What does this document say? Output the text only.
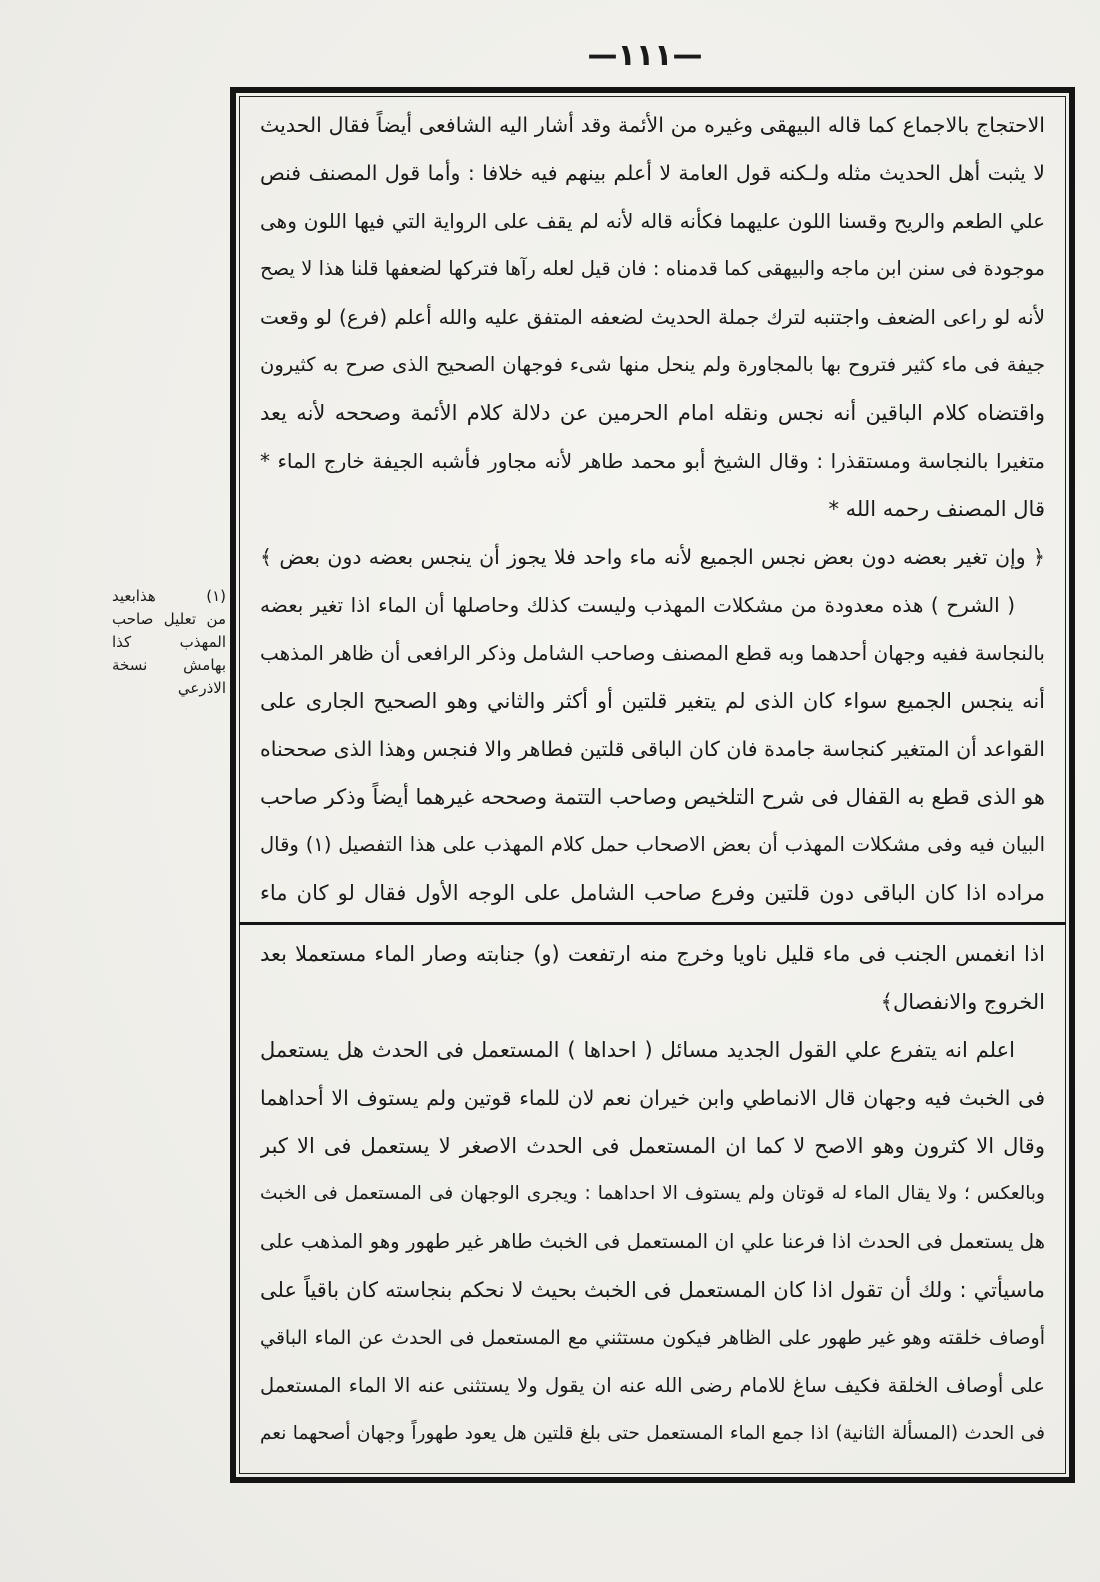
—١١١—
الاحتجاج بالاجماع كما قاله البيهقى وغيره من الأئمة وقد أشار اليه الشافعى أيضاً فقال الحديث
لا يثبت أهل الحديث مثله ولـكنه قول العامة لا أعلم بينهم فيه خلافا : وأما قول المصنف فنص
علي الطعم والريح وقسنا اللون عليهما فكأنه قاله لأنه لم يقف على الرواية التي فيها اللون وهى
موجودة فى سنن ابن ماجه والبيهقى كما قدمناه : فان قيل لعله رآها فتركها لضعفها قلنا هذا لا يصح
لأنه لو راعى الضعف واجتنبه لترك جملة الحديث لضعفه المتفق عليه والله أعلم (فرع) لو وقعت
جيفة فى ماء كثير فتروح بها بالمجاورة ولم ينحل منها شىء فوجهان الصحيح الذى صرح به كثيرون
واقتضاه كلام الباقين أنه نجس ونقله امام الحرمين عن دلالة كلام الأئمة وصححه لأنه يعد
متغيرا بالنجاسة ومستقذرا : وقال الشيخ أبو محمد طاهر لأنه مجاور فأشبه الجيفة خارج الماء *
قال المصنف رحمه الله *
﴿ وإن تغير بعضه دون بعض نجس الجميع لأنه ماء واحد فلا يجوز أن ينجس بعضه دون بعض ﴾
( الشرح ) هذه معدودة من مشكلات المهذب وليست كذلك وحاصلها أن الماء اذا تغير بعضه
بالنجاسة ففيه وجهان أحدهما وبه قطع المصنف وصاحب الشامل وذكر الرافعى أن ظاهر المذهب
أنه ينجس الجميع سواء كان الذى لم يتغير قلتين أو أكثر والثاني وهو الصحيح الجارى على
القواعد أن المتغير كنجاسة جامدة فان كان الباقى قلتين فطاهر والا فنجس وهذا الذى صححناه
هو الذى قطع به القفال فى شرح التلخيص وصاحب التتمة وصححه غيرهما أيضاً وذكر صاحب
البيان فيه وفى مشكلات المهذب أن بعض الاصحاب حمل كلام المهذب على هذا التفصيل (١) وقال
مراده اذا كان الباقى دون قلتين وفرع صاحب الشامل على الوجه الأول فقال لو كان ماء
اذا انغمس الجنب فى ماء قليل ناويا وخرج منه ارتفعت (و) جنابته وصار الماء مستعملا بعد
الخروج والانفصال﴾
اعلم انه يتفرع علي القول الجديد مسائل ( احداها ) المستعمل فى الحدث هل يستعمل
فى الخبث فيه وجهان قال الانماطي وابن خيران نعم لان للماء قوتين ولم يستوف الا أحداهما
وقال الا كثرون وهو الاصح لا كما ان المستعمل فى الحدث الاصغر لا يستعمل فى الا كبر
وبالعكس ؛ ولا يقال الماء له قوتان ولم يستوف الا احداهما : ويجرى الوجهان فى المستعمل فى الخبث
هل يستعمل فى الحدث اذا فرعنا علي ان المستعمل فى الخبث طاهر غير طهور وهو المذهب على
ماسيأتي : ولك أن تقول اذا كان المستعمل فى الخبث بحيث لا نحكم بنجاسته كان باقياً على
أوصاف خلقته وهو غير طهور على الظاهر فيكون مستثني مع المستعمل فى الحدث عن الماء الباقي
على أوصاف الخلقة فكيف ساغ للامام رضى الله عنه ان يقول ولا يستثنى عنه الا الماء المستعمل
فى الحدث (المسألة الثانية) اذا جمع الماء المستعمل حتى بلغ قلتين هل يعود طهوراً وجهان أصحهما نعم
(١) هذابعيد
من تعليل صاحب
المهذب كذا
بهامش نسخة
الاذرعي
